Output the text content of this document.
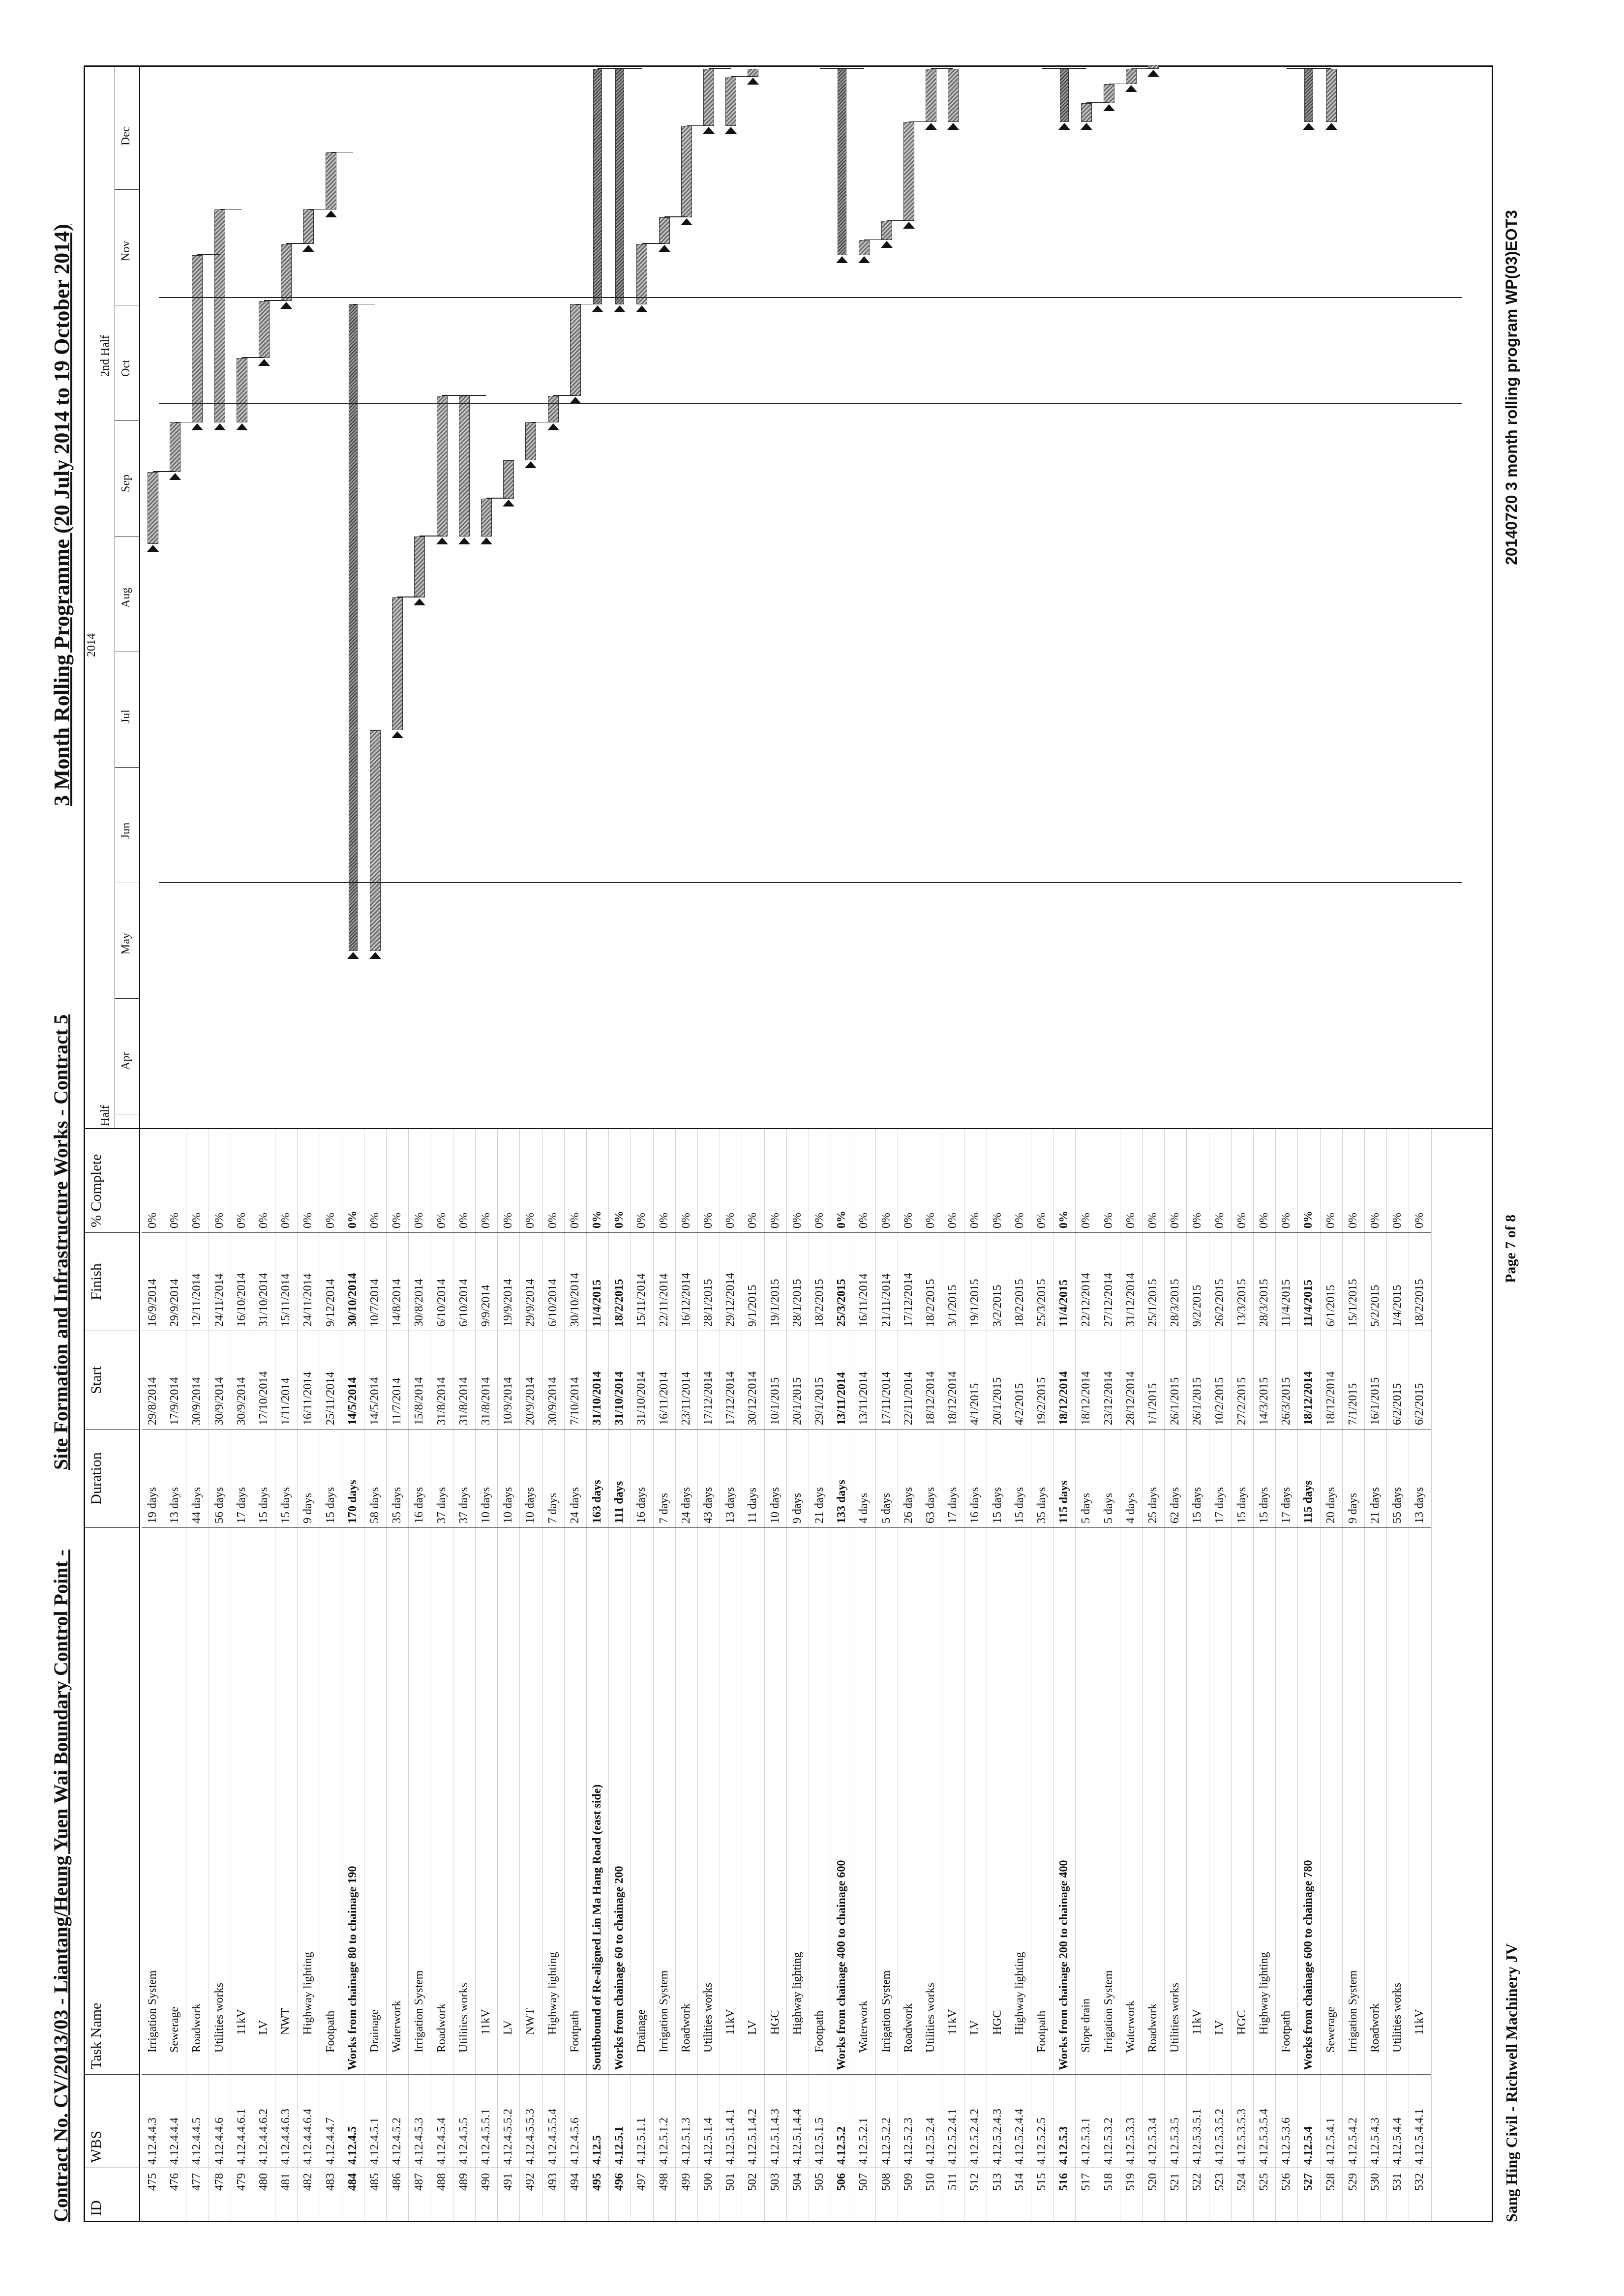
Contract No. CV/2013/03 - Liantang/Heung Yuen Wai Boundary Control Point -
Site Formation and Infrastructure Works - Contract 5
3 Month Rolling Programme (20 July 2014 to 19 October 2014)
ID
WBS
Task Name
Duration
Start
Finish
% Complete
475
4.12.4.4.3
Irrigation System
19 days
29/8/2014
16/9/2014
0%
476
4.12.4.4.4
Sewerage
13 days
17/9/2014
29/9/2014
0%
477
4.12.4.4.5
Roadwork
44 days
30/9/2014
12/11/2014
0%
478
4.12.4.4.6
Utilities works
56 days
30/9/2014
24/11/2014
0%
479
4.12.4.4.6.1
11kV
17 days
30/9/2014
16/10/2014
0%
480
4.12.4.4.6.2
LV
15 days
17/10/2014
31/10/2014
0%
481
4.12.4.4.6.3
NWT
15 days
1/11/2014
15/11/2014
0%
482
4.12.4.4.6.4
Highway lighting
9 days
16/11/2014
24/11/2014
0%
483
4.12.4.4.7
Footpath
15 days
25/11/2014
9/12/2014
0%
484
4.12.4.5
Works from chainage 80 to chainage 190
170 days
14/5/2014
30/10/2014
0%
485
4.12.4.5.1
Drainage
58 days
14/5/2014
10/7/2014
0%
486
4.12.4.5.2
Waterwork
35 days
11/7/2014
14/8/2014
0%
487
4.12.4.5.3
Irrigation System
16 days
15/8/2014
30/8/2014
0%
488
4.12.4.5.4
Roadwork
37 days
31/8/2014
6/10/2014
0%
489
4.12.4.5.5
Utilities works
37 days
31/8/2014
6/10/2014
0%
490
4.12.4.5.5.1
11kV
10 days
31/8/2014
9/9/2014
0%
491
4.12.4.5.5.2
LV
10 days
10/9/2014
19/9/2014
0%
492
4.12.4.5.5.3
NWT
10 days
20/9/2014
29/9/2014
0%
493
4.12.4.5.5.4
Highway lighting
7 days
30/9/2014
6/10/2014
0%
494
4.12.4.5.6
Footpath
24 days
7/10/2014
30/10/2014
0%
495
4.12.5
Southbound of Re-aligned Lin Ma Hang Road (east side)
163 days
31/10/2014
11/4/2015
0%
496
4.12.5.1
Works from chainage 60 to chainage 200
111 days
31/10/2014
18/2/2015
0%
497
4.12.5.1.1
Drainage
16 days
31/10/2014
15/11/2014
0%
498
4.12.5.1.2
Irrigation System
7 days
16/11/2014
22/11/2014
0%
499
4.12.5.1.3
Roadwork
24 days
23/11/2014
16/12/2014
0%
500
4.12.5.1.4
Utilities works
43 days
17/12/2014
28/1/2015
0%
501
4.12.5.1.4.1
11kV
13 days
17/12/2014
29/12/2014
0%
502
4.12.5.1.4.2
LV
11 days
30/12/2014
9/1/2015
0%
503
4.12.5.1.4.3
HGC
10 days
10/1/2015
19/1/2015
0%
504
4.12.5.1.4.4
Highway lighting
9 days
20/1/2015
28/1/2015
0%
505
4.12.5.1.5
Footpath
21 days
29/1/2015
18/2/2015
0%
506
4.12.5.2
Works from chainage 400 to chainage 600
133 days
13/11/2014
25/3/2015
0%
507
4.12.5.2.1
Waterwork
4 days
13/11/2014
16/11/2014
0%
508
4.12.5.2.2
Irrigation System
5 days
17/11/2014
21/11/2014
0%
509
4.12.5.2.3
Roadwork
26 days
22/11/2014
17/12/2014
0%
510
4.12.5.2.4
Utilities works
63 days
18/12/2014
18/2/2015
0%
511
4.12.5.2.4.1
11kV
17 days
18/12/2014
3/1/2015
0%
512
4.12.5.2.4.2
LV
16 days
4/1/2015
19/1/2015
0%
513
4.12.5.2.4.3
HGC
15 days
20/1/2015
3/2/2015
0%
514
4.12.5.2.4.4
Highway lighting
15 days
4/2/2015
18/2/2015
0%
515
4.12.5.2.5
Footpath
35 days
19/2/2015
25/3/2015
0%
516
4.12.5.3
Works from chainage 200 to chainage 400
115 days
18/12/2014
11/4/2015
0%
517
4.12.5.3.1
Slope drain
5 days
18/12/2014
22/12/2014
0%
518
4.12.5.3.2
Irrigation System
5 days
23/12/2014
27/12/2014
0%
519
4.12.5.3.3
Waterwork
4 days
28/12/2014
31/12/2014
0%
520
4.12.5.3.4
Roadwork
25 days
1/1/2015
25/1/2015
0%
521
4.12.5.3.5
Utilities works
62 days
26/1/2015
28/3/2015
0%
522
4.12.5.3.5.1
11kV
15 days
26/1/2015
9/2/2015
0%
523
4.12.5.3.5.2
LV
17 days
10/2/2015
26/2/2015
0%
524
4.12.5.3.5.3
HGC
15 days
27/2/2015
13/3/2015
0%
525
4.12.5.3.5.4
Highway lighting
15 days
14/3/2015
28/3/2015
0%
526
4.12.5.3.6
Footpath
17 days
26/3/2015
11/4/2015
0%
527
4.12.5.4
Works from chainage 600 to chainage 780
115 days
18/12/2014
11/4/2015
0%
528
4.12.5.4.1
Sewerage
20 days
18/12/2014
6/1/2015
0%
529
4.12.5.4.2
Irrigation System
9 days
7/1/2015
15/1/2015
0%
530
4.12.5.4.3
Roadwork
21 days
16/1/2015
5/2/2015
0%
531
4.12.5.4.4
Utilities works
55 days
6/2/2015
1/4/2015
0%
532
4.12.5.4.4.1
11kV
13 days
6/2/2015
18/2/2015
0%
Half
2014
2nd Half
Apr
May
Jun
Jul
Aug
Sep
Oct
Nov
Dec
Sang Hing Civil - Richwell Machinery JV
Page 7 of 8
20140720 3 month rolling program WP(03)EOT3
